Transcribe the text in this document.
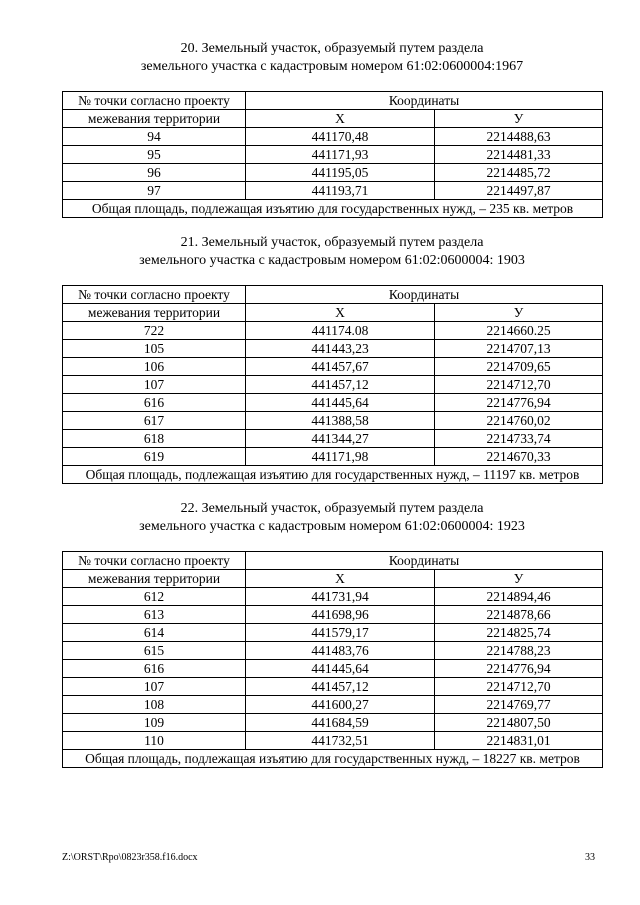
20. Земельный участок, образуемый путем раздела
земельного участка с кадастровым номером 61:02:0600004:1967
№ точки согласно проекту	Координаты	
межевания территории	Х	У
94	441170,48	2214488,63
95	441171,93	2214481,33
96	441195,05	2214485,72
97	441193,71	2214497,87
Общая площадь, подлежащая изъятию для государственных нужд, – 235 кв. метров		
21. Земельный участок, образуемый путем раздела
земельного участка с кадастровым номером 61:02:0600004: 1903
№ точки согласно проекту	Координаты	
межевания территории	Х	У
722	441174.08	2214660.25
105	441443,23	2214707,13
106	441457,67	2214709,65
107	441457,12	2214712,70
616	441445,64	2214776,94
617	441388,58	2214760,02
618	441344,27	2214733,74
619	441171,98	2214670,33
Общая площадь, подлежащая изъятию для государственных нужд, – 11197 кв. метров		
22. Земельный участок, образуемый путем раздела
земельного участка с кадастровым номером 61:02:0600004: 1923
№ точки согласно проекту	Координаты	
межевания территории	Х	У
612	441731,94	2214894,46
613	441698,96	2214878,66
614	441579,17	2214825,74
615	441483,76	2214788,23
616	441445,64	2214776,94
107	441457,12	2214712,70
108	441600,27	2214769,77
109	441684,59	2214807,50
110	441732,51	2214831,01
Общая площадь, подлежащая изъятию для государственных нужд, – 18227 кв. метров		
Z:\ORST\Rpo\0823r358.f16.docx	33
